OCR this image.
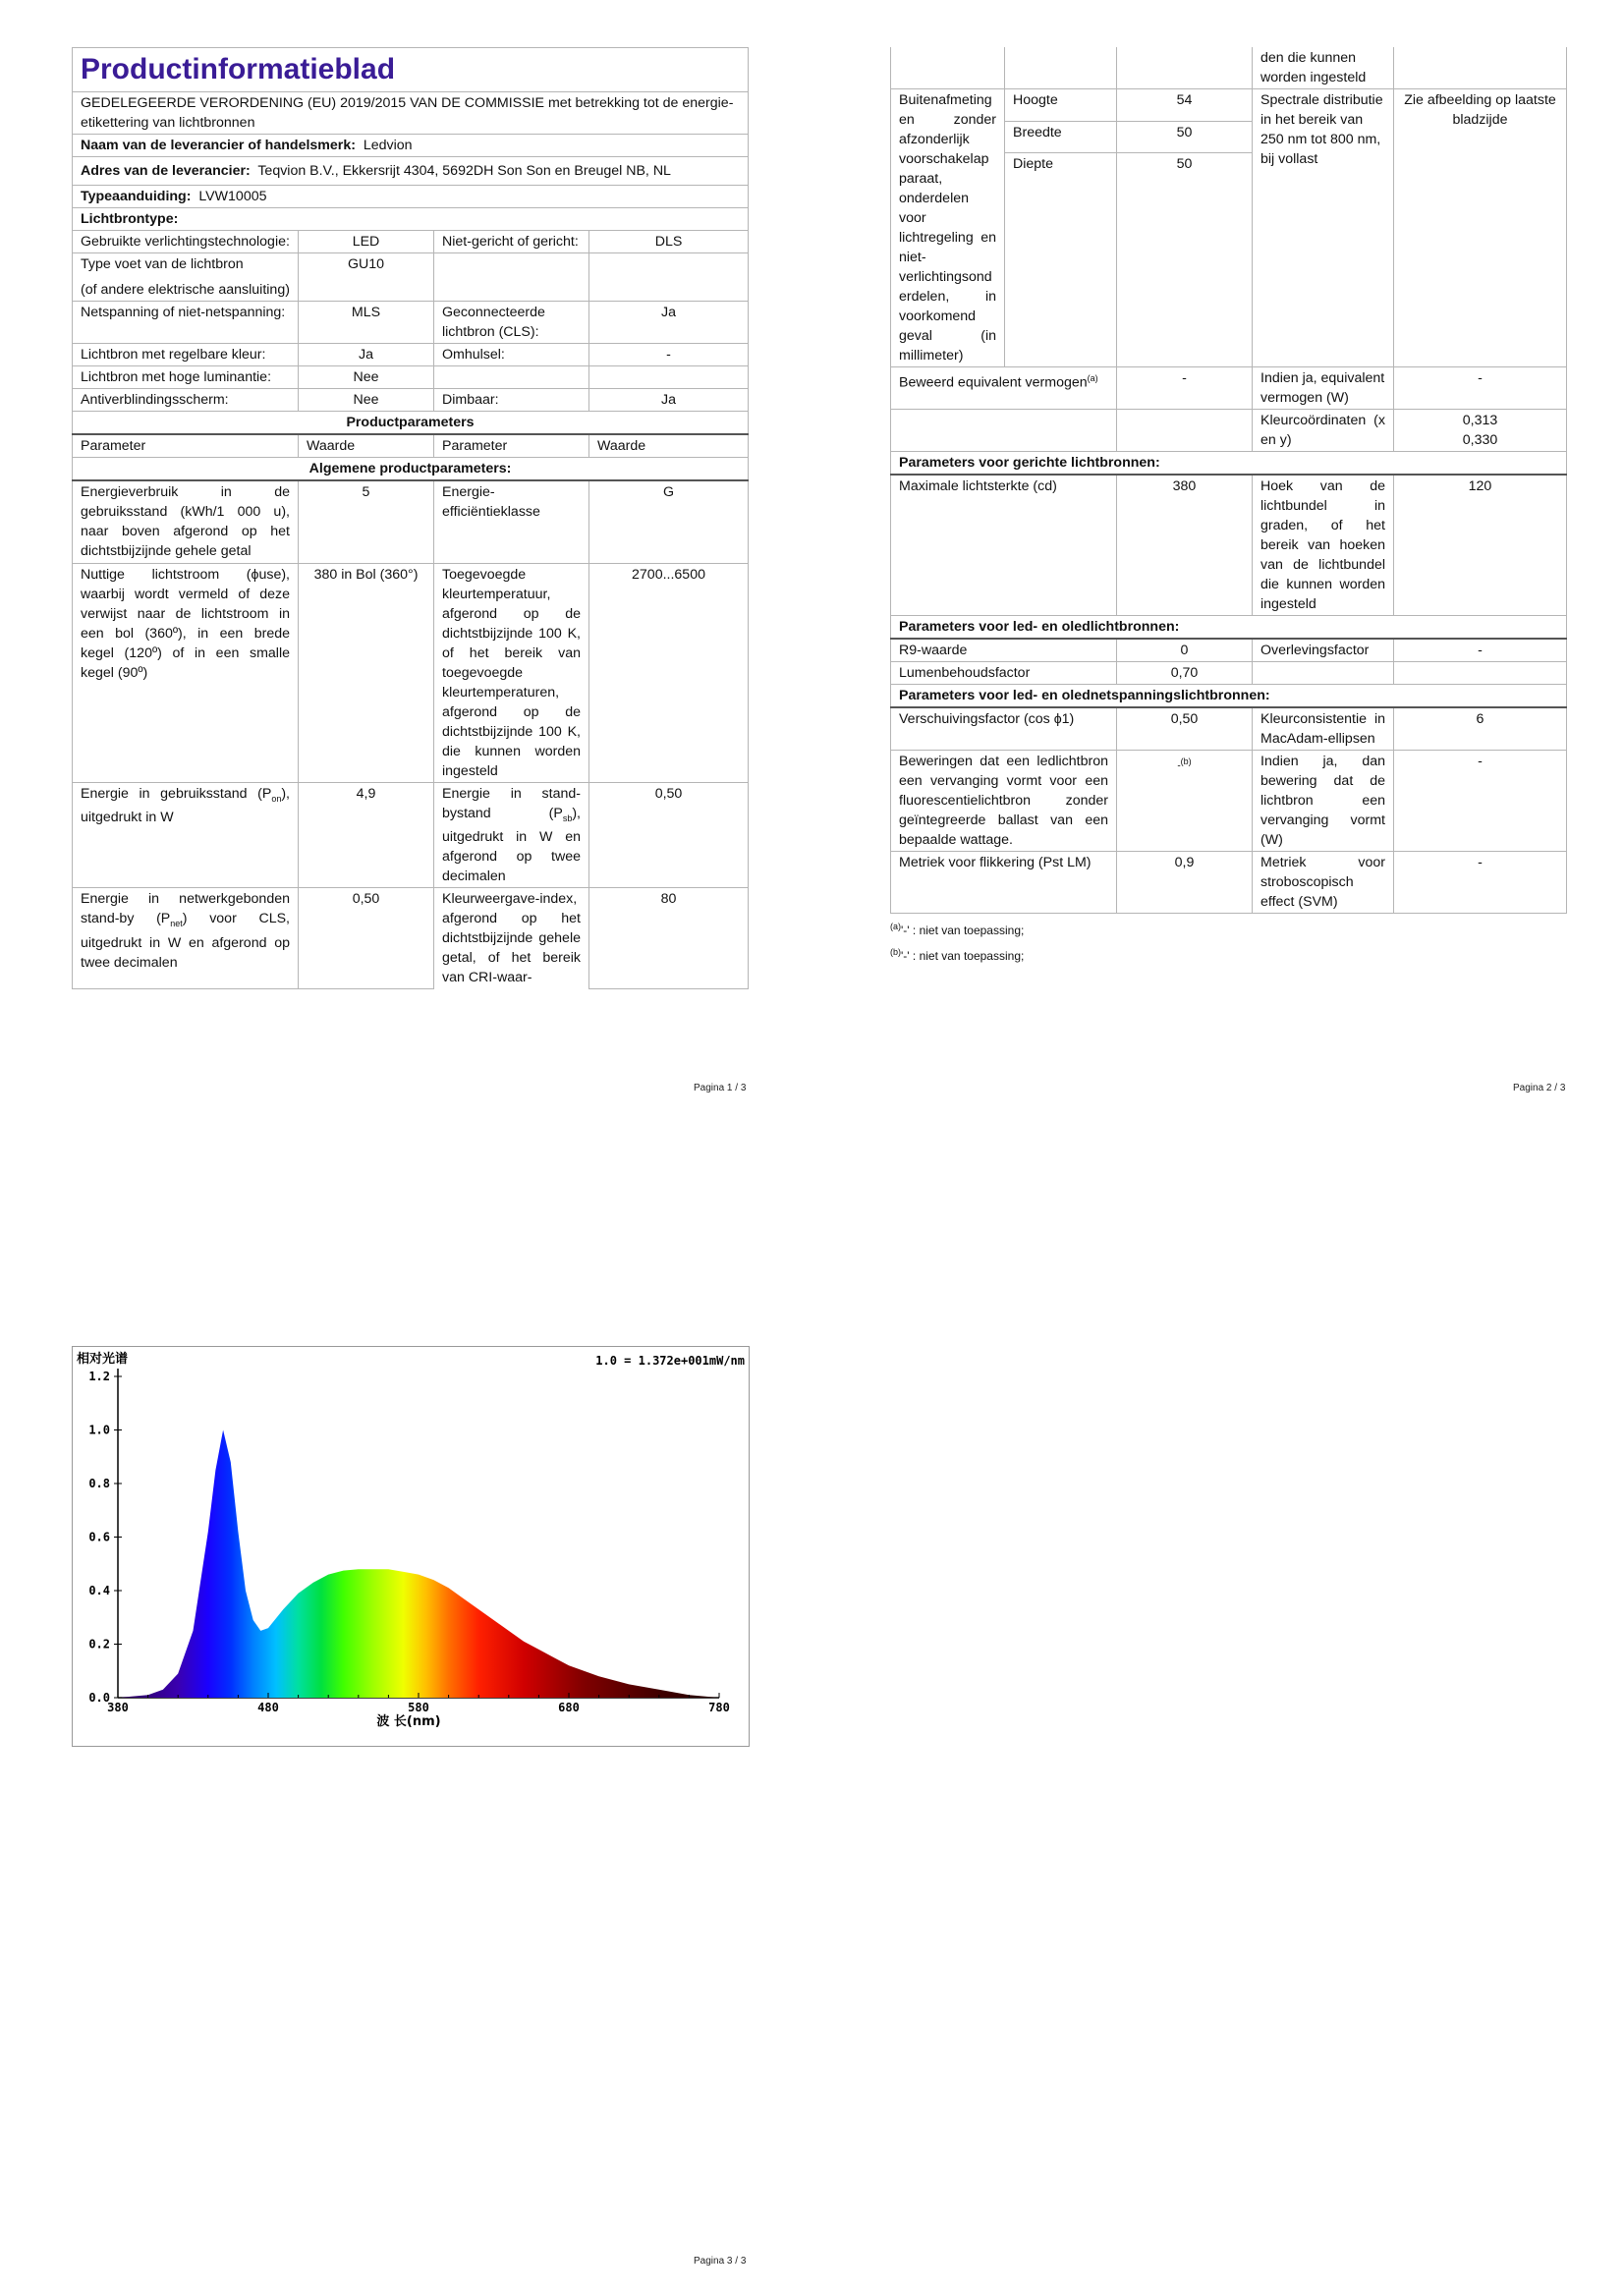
Productinformatieblad			
GEDELEGEERDE VERORDENING (EU) 2019/2015 VAN DE COMMISSIE met betrekking tot de energie-etikettering van lichtbronnen			
Naam van de leverancier of handelsmerk: Ledvion			
Adres van de leverancier: Teqvion B.V., Ekkersrijt 4304, 5692DH Son Son en Breugel NB, NL			
Typeaanduiding: LVW10005			
Lichtbrontype:			
Gebruikte verlichtingstechnologie:	LED	Niet-gericht of gericht:	DLS

Type voet van de lichtbron
(of andere elektrische aansluiting)	GU10		
Netspanning of niet-netspanning:	MLS	Geconnecteerde lichtbron (CLS):	Ja
Lichtbron met regelbare kleur:	Ja	Omhulsel:	-
Lichtbron met hoge luminantie:	Nee		
Antiverblindingsscherm:	Nee	Dimbaar:	Ja
Productparameters			
Parameter	Waarde	Parameter	Waarde
Algemene productparameters:			
Energieverbruik in de gebruiksstand (kWh/1 000 u), naar boven afgerond op het dichtstbijzijnde gehele getal	5	Energie-efficiëntieklasse	G
Nuttige lichtstroom (ϕuse), waarbij wordt vermeld of deze verwijst naar de lichtstroom in een bol (360º), in een brede kegel (120º) of in een smalle kegel (90º)	380 in Bol (360°)	Toegevoegde kleurtemperatuur, afgerond op de dichtstbijzijnde 100 K, of het bereik van toegevoegde kleurtemperaturen, afgerond op de dichtstbijzijnde 100 K, die kunnen worden ingesteld	2700...6500
Energie in gebruiksstand $(P_{on})$, uitgedrukt in W	4,9	Energie in stand-bystand $(P_{sb})$, uitgedrukt in W en afgerond op twee decimalen	0,50
Energie in netwerkgebonden stand-by $(P_{net})$ voor CLS, uitgedrukt in W en afgerond op twee decimalen	0,50	Kleurweergave-index, afgerond op het dichtstbijzijnde gehele getal, of het bereik van CRI-waar-	80
Pagina 1 / 3
			den die kunnen worden ingesteld	
Buitenafmetingen zonder afzonderlijk voorschakelapparaat, onderdelen voor lichtregeling en niet-verlichtingsonderdelen, in voorkomend geval (in millimeter)	Hoogte	54	Spectrale distributie in het bereik van 250 nm tot 800 nm, bij vollast	Zie afbeelding op laatste bladzijde
	Breedte	50		
	Diepte	50		
Beweerd equivalent vermogen$^{(a)}$		-	Indien ja, equivalent vermogen (W)	-
			Kleurcoördinaten (x en y)	0,313
0,330

Parameters voor gerichte lichtbronnen:				
Maximale lichtsterkte (cd)		380	Hoek van de lichtbundel in graden, of het bereik van hoeken van de lichtbundel die kunnen worden ingesteld	120
Parameters voor led- en oledlichtbronnen:				
R9-waarde		0	Overlevingsfactor	-
Lumenbehoudsfactor		0,70		
Parameters voor led- en olednetspanningslichtbronnen:				
Verschuivingsfactor (cos ϕ1)		0,50	Kleurconsistentie in MacAdam-ellipsen	6
Beweringen dat een ledlichtbron een vervanging vormt voor een fluorescentielichtbron zonder geïntegreerde ballast van een bepaalde wattage.		-$^{(b)}$	Indien ja, dan bewering dat de lichtbron een vervanging vormt (W)	-
Metriek voor flikkering (Pst LM)		0,9	Metriek voor stroboscopisch effect (SVM)	-
$^{(a)}$'-' : niet van toepassing;
$^{(b)}$'-' : niet van toepassing;
Pagina 2 / 3
0.0
0.2
0.4
0.6
0.8
1.0
1.2
380	480	580	680	780
相对光谱	1.0 = 1.372e+001mW/nm
波 长(nm)
Pagina 3 / 3
